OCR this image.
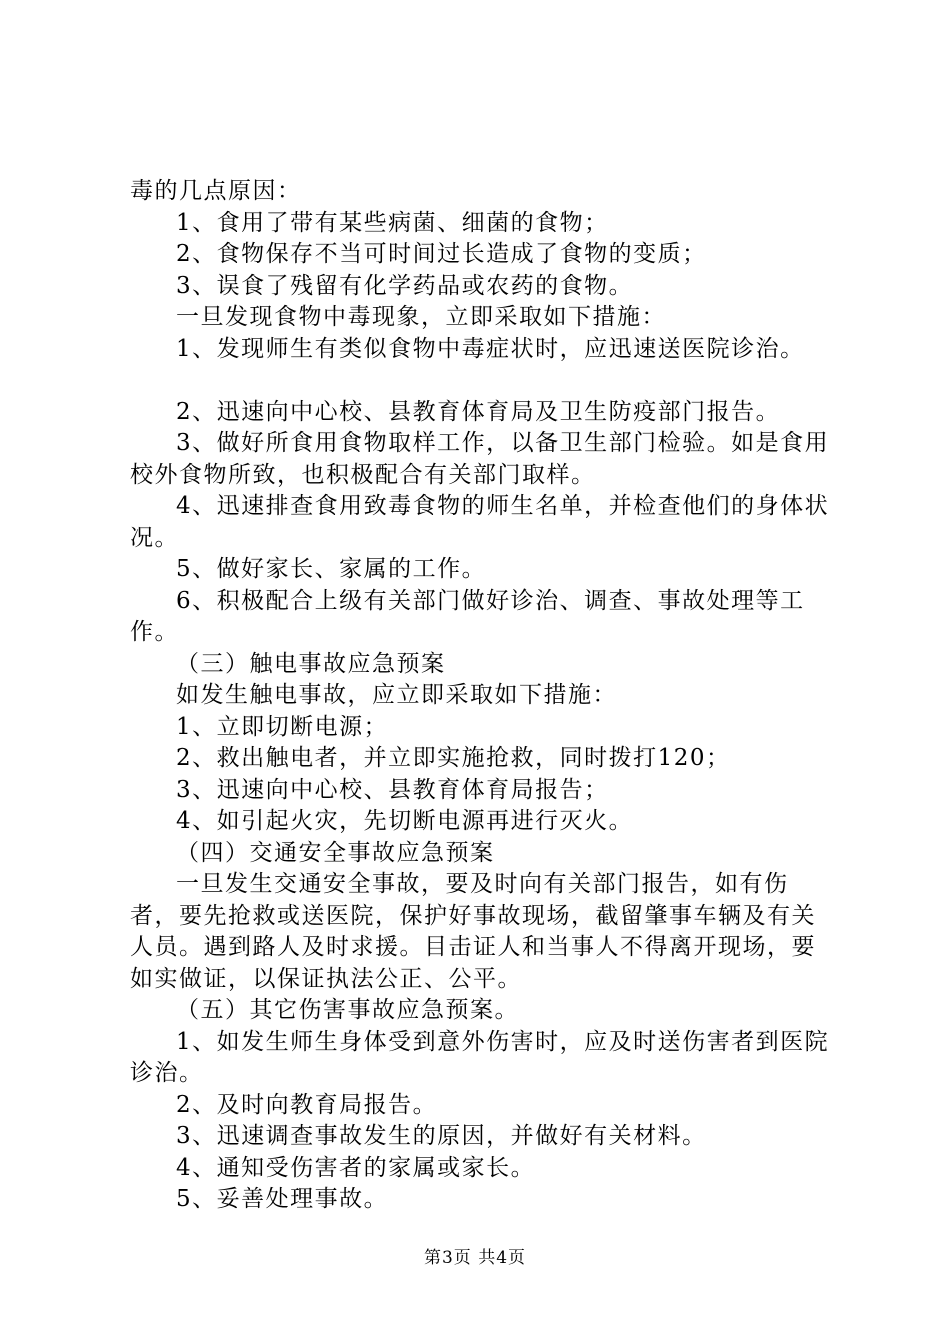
毒的几点原因：

1、食用了带有某些病菌、细菌的食物；

2、食物保存不当可时间过长造成了食物的变质；

3、误食了残留有化学药品或农药的食物。

一旦发现食物中毒现象，立即采取如下措施：

1、发现师生有类似食物中毒症状时，应迅速送医院诊治。

2、迅速向中心校、县教育体育局及卫生防疫部门报告。

3、做好所食用食物取样工作，以备卫生部门检验。如是食用校外食物所致，也积极配合有关部门取样。

4、迅速排查食用致毒食物的师生名单，并检查他们的身体状况。

5、做好家长、家属的工作。

6、积极配合上级有关部门做好诊治、调查、事故处理等工作。

（三）触电事故应急预案

如发生触电事故，应立即采取如下措施：

1、立即切断电源；

2、救出触电者，并立即实施抢救，同时拨打120；

3、迅速向中心校、县教育体育局报告；

4、如引起火灾，先切断电源再进行灭火。

（四）交通安全事故应急预案

一旦发生交通安全事故，要及时向有关部门报告，如有伤者，要先抢救或送医院，保护好事故现场，截留肇事车辆及有关人员。遇到路人及时求援。目击证人和当事人不得离开现场，要如实做证，以保证执法公正、公平。

（五）其它伤害事故应急预案。

1、如发生师生身体受到意外伤害时，应及时送伤害者到医院诊治。

2、及时向教育局报告。

3、迅速调查事故发生的原因，并做好有关材料。

4、通知受伤害者的家属或家长。

5、妥善处理事故。

第3页 共4页
